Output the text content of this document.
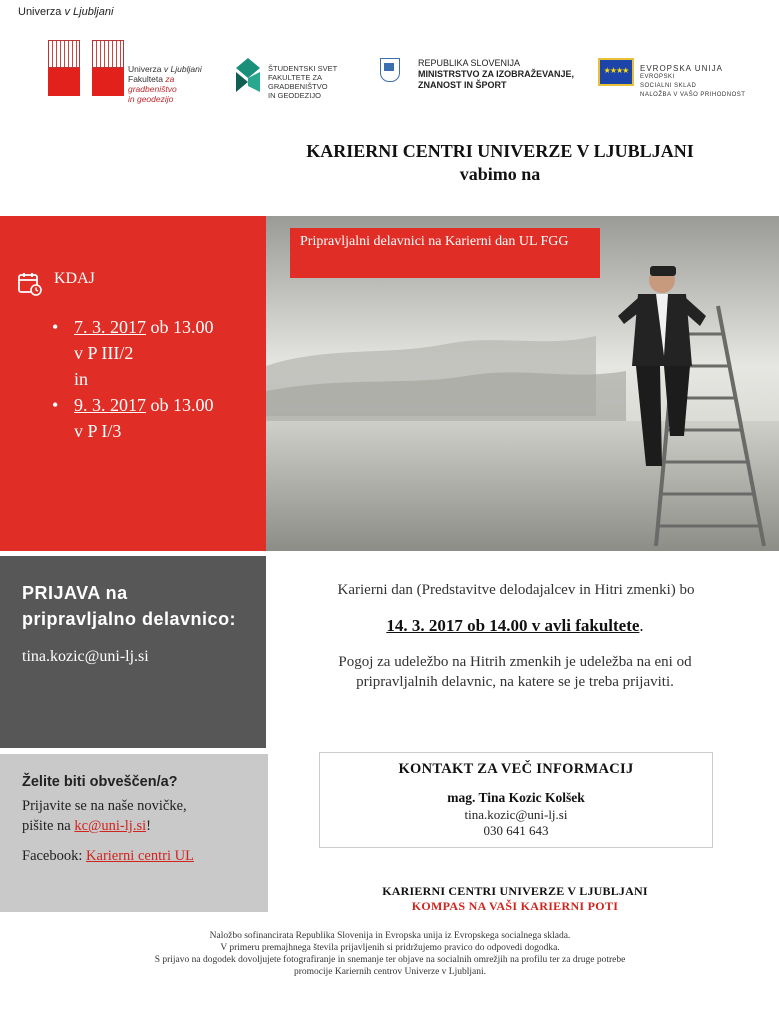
Univerza v Ljubljani
Univerza v Ljubljani
Fakulteta za gradbeništvo
in geodezijo
ŠTUDENTSKI SVET
FAKULTETE ZA GRADBENIŠTVO
IN GEODEZIJO
REPUBLIKA SLOVENIJA
MINISTRSTVO ZA IZOBRAŽEVANJE,
ZNANOST IN ŠPORT
★★★★	EVROPSKA UNIJA
EVROPSKI
SOCIALNI SKLAD
NALOŽBA V VAŠO PRIHODNOST
KARIERNI CENTRI UNIVERZE V LJUBLJANI
vabimo na
KDAJ
• 7. 3. 2017 ob 13.00
v P III/2
in
• 9. 3. 2017 ob 13.00
v P I/3
Pripravljalni delavnici na Karierni dan UL FGG
PRIJAVA na
pripravljalno delavnico:
tina.kozic@uni-lj.si
Želite biti obveščen/a?
Prijavite se na naše novičke,
pišite na kc@uni-lj.si!
Facebook: Karierni centri UL
Karierni dan (Predstavitve delodajalcev in Hitri zmenki) bo
14. 3. 2017 ob 14.00 v avli fakultete.
Pogoj za udeležbo na Hitrih zmenkih je udeležba na eni od pripravljalnih delavnic, na katere se je treba prijaviti.
KONTAKT ZA VEČ INFORMACIJ
mag. Tina Kozic Kolšek
tina.kozic@uni-lj.si
030 641 643
KARIERNI CENTRI UNIVERZE V LJUBLJANI
KOMPAS NA VAŠI KARIERNI POTI
Naložbo sofinancirata Republika Slovenija in Evropska unija iz Evropskega socialnega sklada.
V primeru premajhnega števila prijavljenih si pridržujemo pravico do odpovedi dogodka.
S prijavo na dogodek dovoljujete fotografiranje in snemanje ter objave na socialnih omrežjih na profilu ter za druge potrebe
promocije Kariernih centrov Univerze v Ljubljani.
